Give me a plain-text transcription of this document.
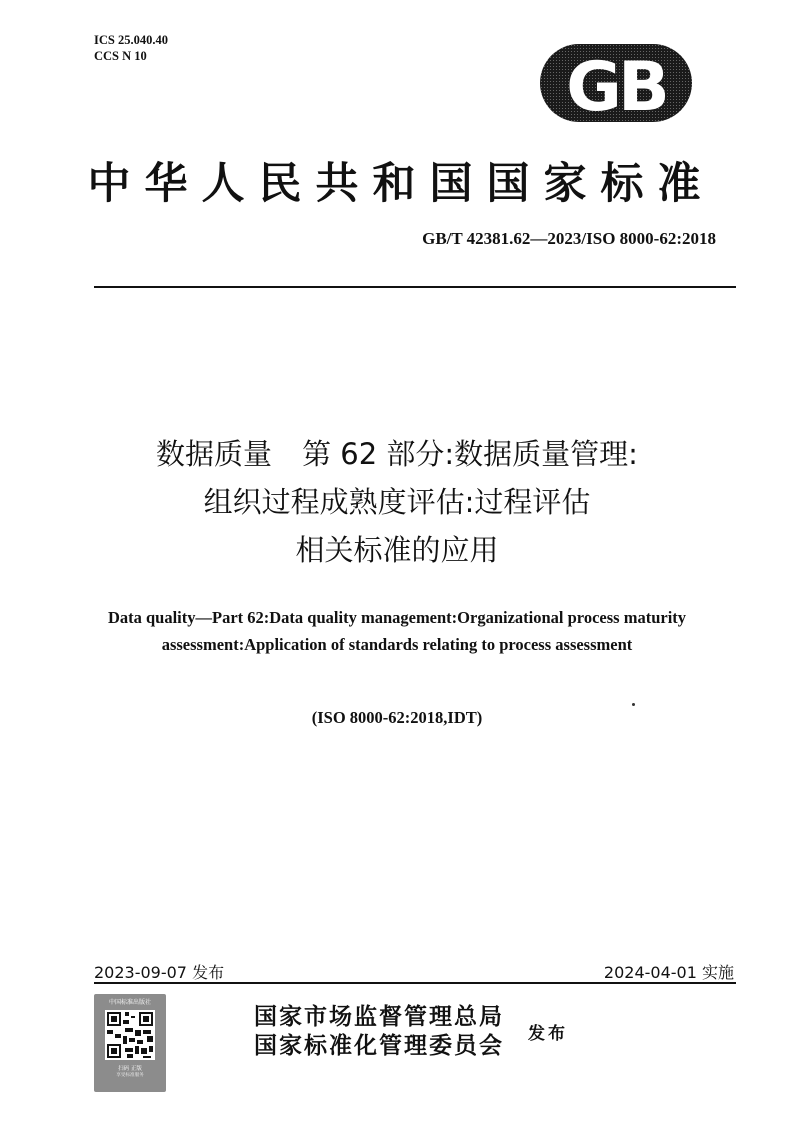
ICS 25.040.40
CCS N 10	GB
中华人民共和国国家标准
GB/T 42381.62—2023/ISO 8000-62:2018
数据质量 第 62 部分:数据质量管理:
组织过程成熟度评估:过程评估
相关标准的应用
Data quality—Part 62:Data quality management:Organizational process maturity
assessment:Application of standards relating to process assessment
(ISO 8000-62:2018,IDT)
2023-09-07 发布	2024-04-01 实施
中国标准出版社
扫码 正版
享受标准服务
国家市场监督管理总局
国家标准化管理委员会 发布
